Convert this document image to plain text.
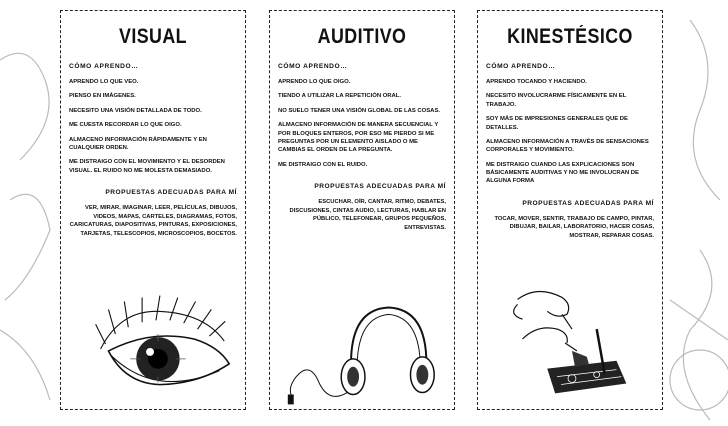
VISUAL
CÓMO APRENDO…

APRENDO LO QUE VEO.

PIENSO EN IMÁGENES.

NECESITO UNA VISIÓN DETALLADA DE TODO.

ME CUESTA RECORDAR LO QUE OIGO.

ALMACENO INFORMACIÓN RÁPIDAMENTE Y EN CUALQUIER ORDEN.

ME DISTRAIGO CON EL MOVIMIENTO Y EL DESORDEN VISUAL. EL RUIDO NO ME MOLESTA DEMASIADO.

PROPUESTAS ADECUADAS PARA MÍ
VER, MIRAR, IMAGINAR, LEER, PELÍCULAS, DIBUJOS, VIDEOS, MAPAS, CARTELES, DIAGRAMAS, FOTOS, CARICATURAS, DIAPOSITIVAS, PINTURAS, EXPOSICIONES, TARJETAS, TELESCOPIOS, MICROSCOPIOS, BOCETOS.
AUDITIVO
CÓMO APRENDO…

APRENDO LO QUE OIGO.

TIENDO A UTILIZAR LA REPETICIÓN ORAL.

NO SUELO TENER UNA VISIÓN GLOBAL DE LAS COSAS.

ALMACENO INFORMACIÓN DE MANERA SECUENCIAL Y POR BLOQUES ENTEROS, POR ESO ME PIERDO SI ME PREGUNTAS POR UN ELEMENTO AISLADO O ME CAMBIAS EL ORDEN DE LA PREGUNTA.

ME DISTRAIGO CON EL RUIDO.

PROPUESTAS ADECUADAS PARA MÍ
ESCUCHAR, OÍR, CANTAR, RITMO, DEBATES, DISCUSIONES, CINTAS AUDIO, LECTURAS, HABLAR EN PÚBLICO, TELEFONEAR, GRUPOS PEQUEÑOS, ENTREVISTAS.
KINESTÉSICO
CÓMO APRENDO…

APRENDO TOCANDO Y HACIENDO.

NECESITO INVOLUCRARME FÍSICAMENTE EN EL TRABAJO.

SOY MÁS DE IMPRESIONES GENERALES QUE DE DETALLES.

ALMACENO INFORMACIÓN A TRAVÉS DE SENSACIONES CORPORALES Y MOVIMIENTO.

ME DISTRAIGO CUANDO LAS EXPLICACIONES SON BÁSICAMENTE AUDITIVAS Y NO ME INVOLUCRAN DE ALGUNA FORMA

PROPUESTAS ADECUADAS PARA MÍ
TOCAR, MOVER, SENTIR, TRABAJO DE CAMPO, PINTAR, DIBUJAR, BAILAR, LABORATORIO, HACER COSAS, MOSTRAR, REPARAR COSAS.
